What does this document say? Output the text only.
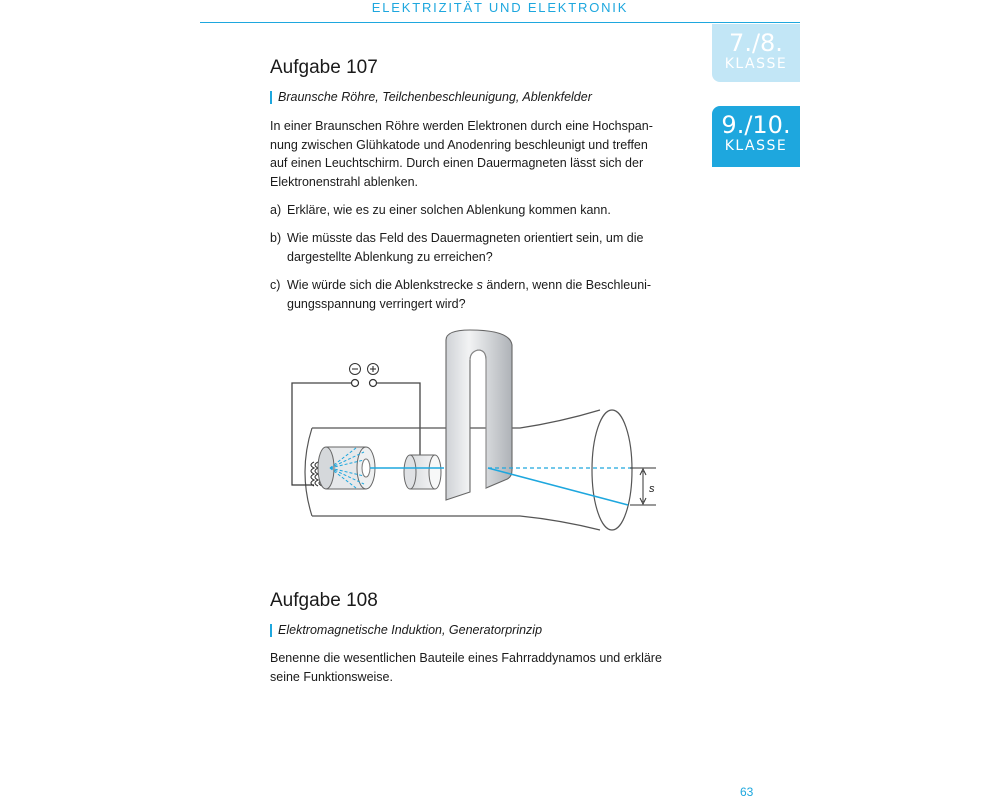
ELEKTRIZITÄT UND ELEKTRONIK
7./8.
KLASSE
9./10.
KLASSE
Aufgabe 107
Braunsche Röhre, Teilchenbeschleunigung, Ablenkfelder
In einer Braunschen Röhre werden Elektronen durch eine Hochspan-
nung zwischen Glühkatode und Anodenring beschleunigt und treffen
auf einen Leuchtschirm. Durch einen Dauermagneten lässt sich der
Elektronenstrahl ablenken.
a) Erkläre, wie es zu einer solchen Ablenkung kommen kann.
b) Wie müsste das Feld des Dauermagneten orientiert sein, um die
dargestellte Ablenkung zu erreichen?
c) Wie würde sich die Ablenkstrecke s ändern, wenn die Beschleuni-
gungsspannung verringert wird?
s
Aufgabe 108
Elektromagnetische Induktion, Generatorprinzip
Benenne die wesentlichen Bauteile eines Fahrraddynamos und erkläre
seine Funktionsweise.
63
